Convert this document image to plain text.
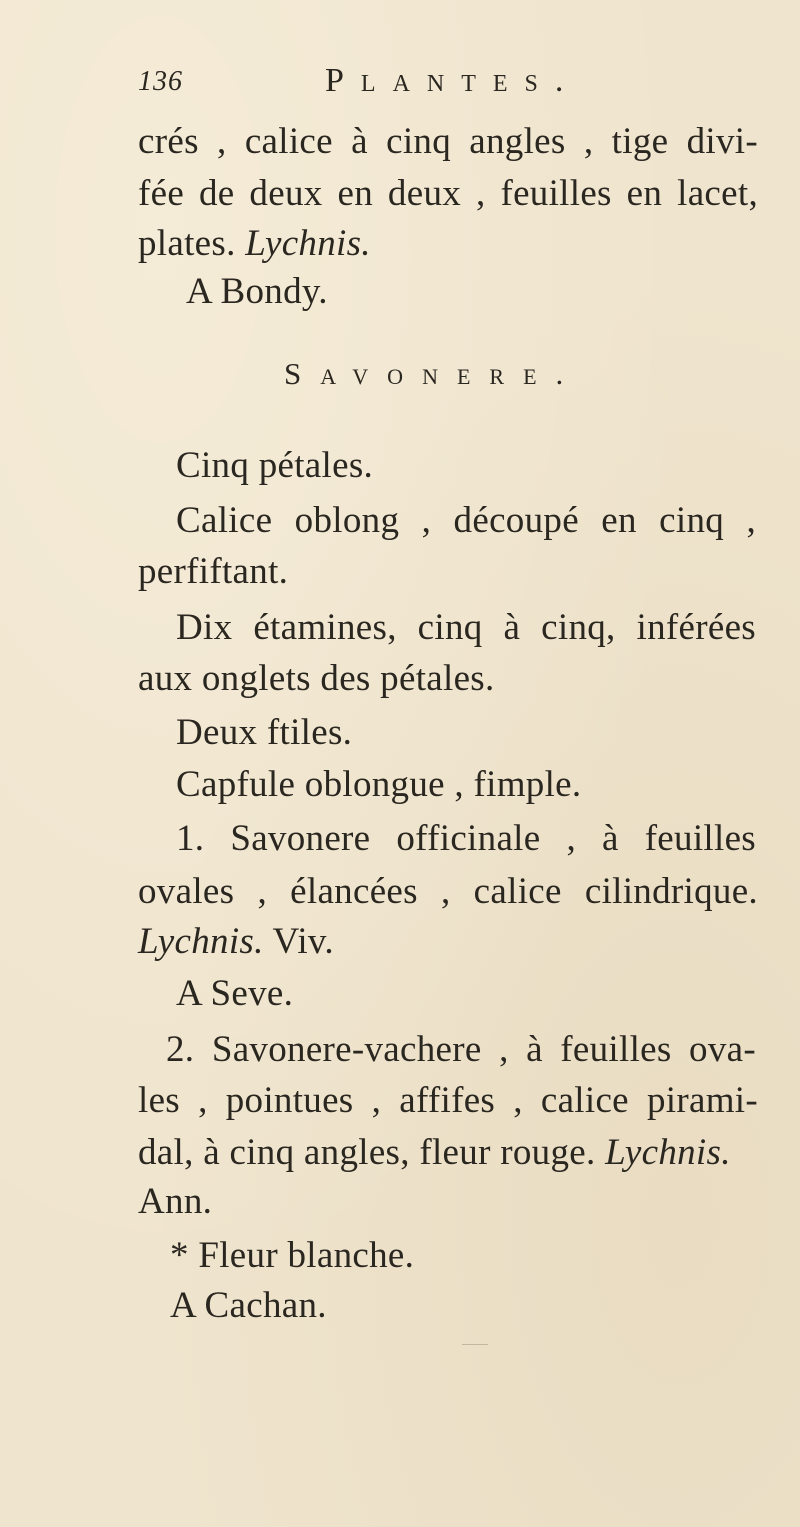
136	Plantes.
crés , calice à cinq angles , tige divi-
fée de deux en deux , feuilles en lacet,
plates. Lychnis.
A Bondy.
Savonere.
Cinq pétales.
Calice oblong , découpé en cinq ,
perfiftant.
Dix étamines, cinq à cinq, inférées
aux onglets des pétales.
Deux ftiles.
Capfule oblongue , fimple.
1. Savonere officinale , à feuilles
ovales , élancées , calice cilindrique.
Lychnis. Viv.
A Seve.
2. Savonere-vachere , à feuilles ova-
les , pointues , affifes , calice pirami-
dal, à cinq angles, fleur rouge. Lychnis.
Ann.
* Fleur blanche.
A Cachan.
